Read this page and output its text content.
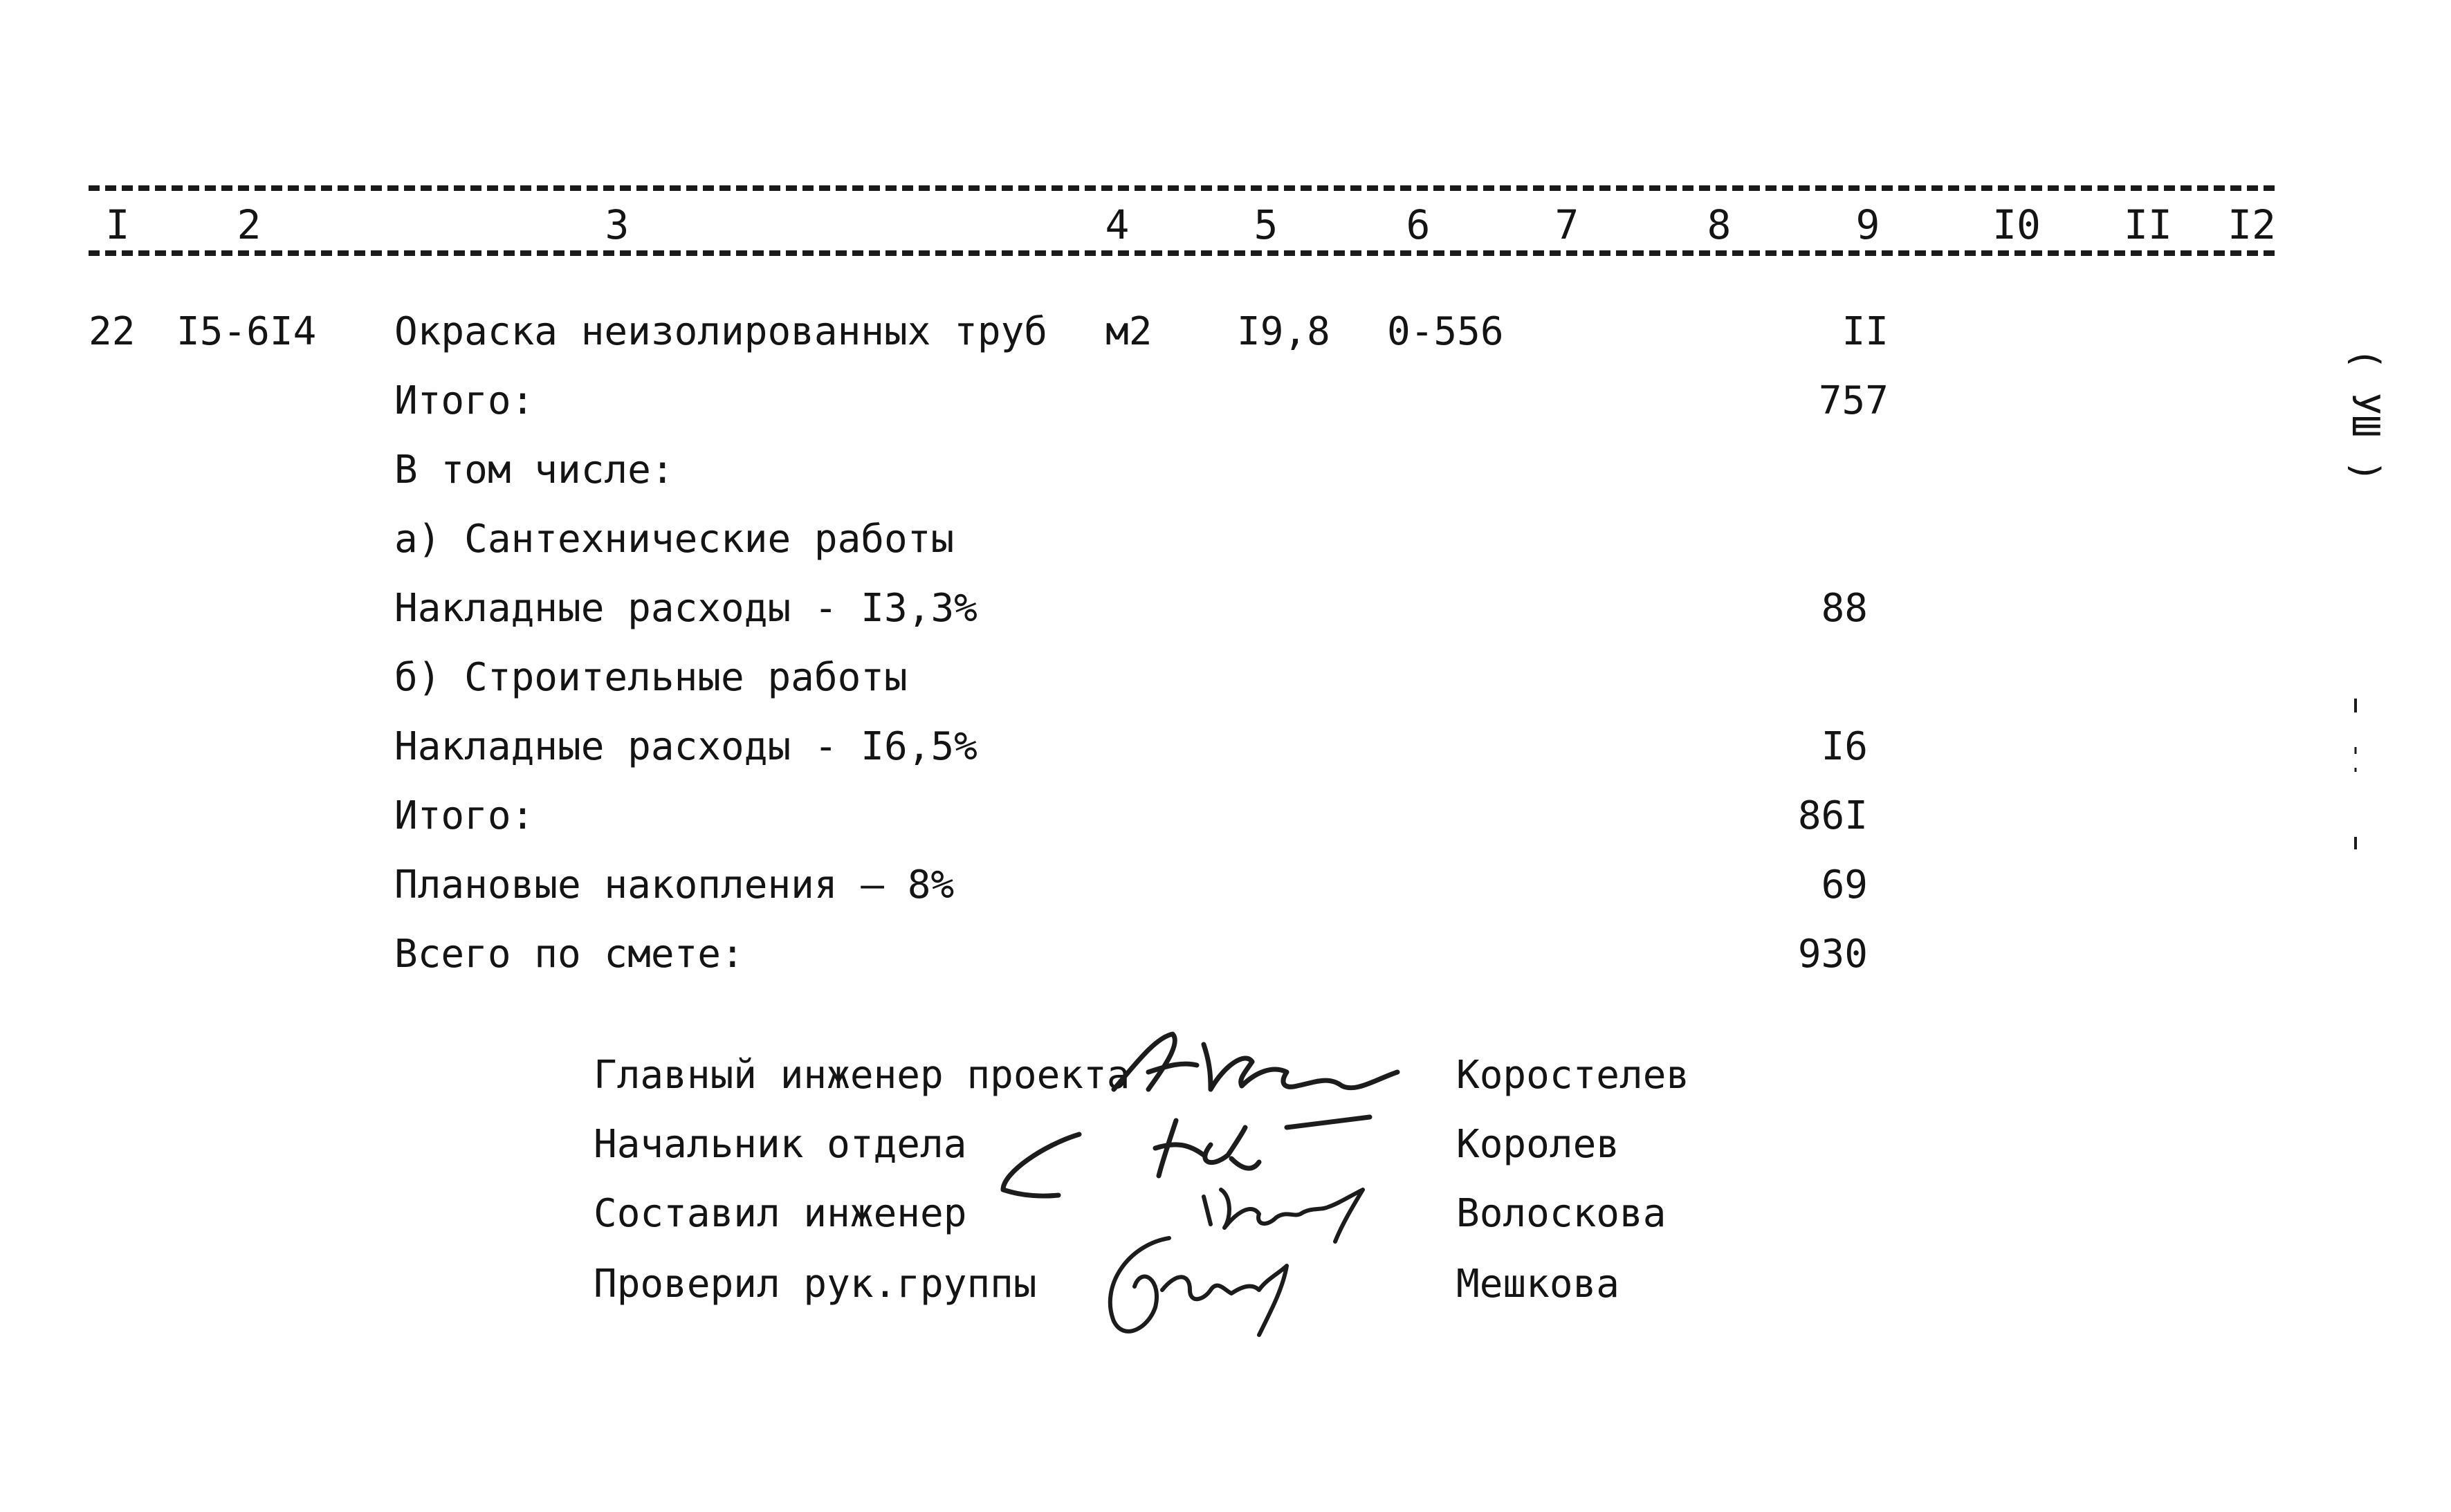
I	2	3	4	5	6	7	8	9	I0 II I2
22 I5-6I4 Окраска неизолированных труб м2 I9,8 0-556	II
Итого:	757
В том числе:
а) Сантехнические работы
Накладные расходы - I3,3%	88
б) Строительные работы
Накладные расходы - I6,5%	I6
Итого:	86I
Плановые накопления – 8%	69
Всего по смете:	930
Главный инженер проекта	Коростелев
Начальник отдела	Королев
Составил инженер	Волоскова
Проверил рук.группы	Мешкова
( УШ )
